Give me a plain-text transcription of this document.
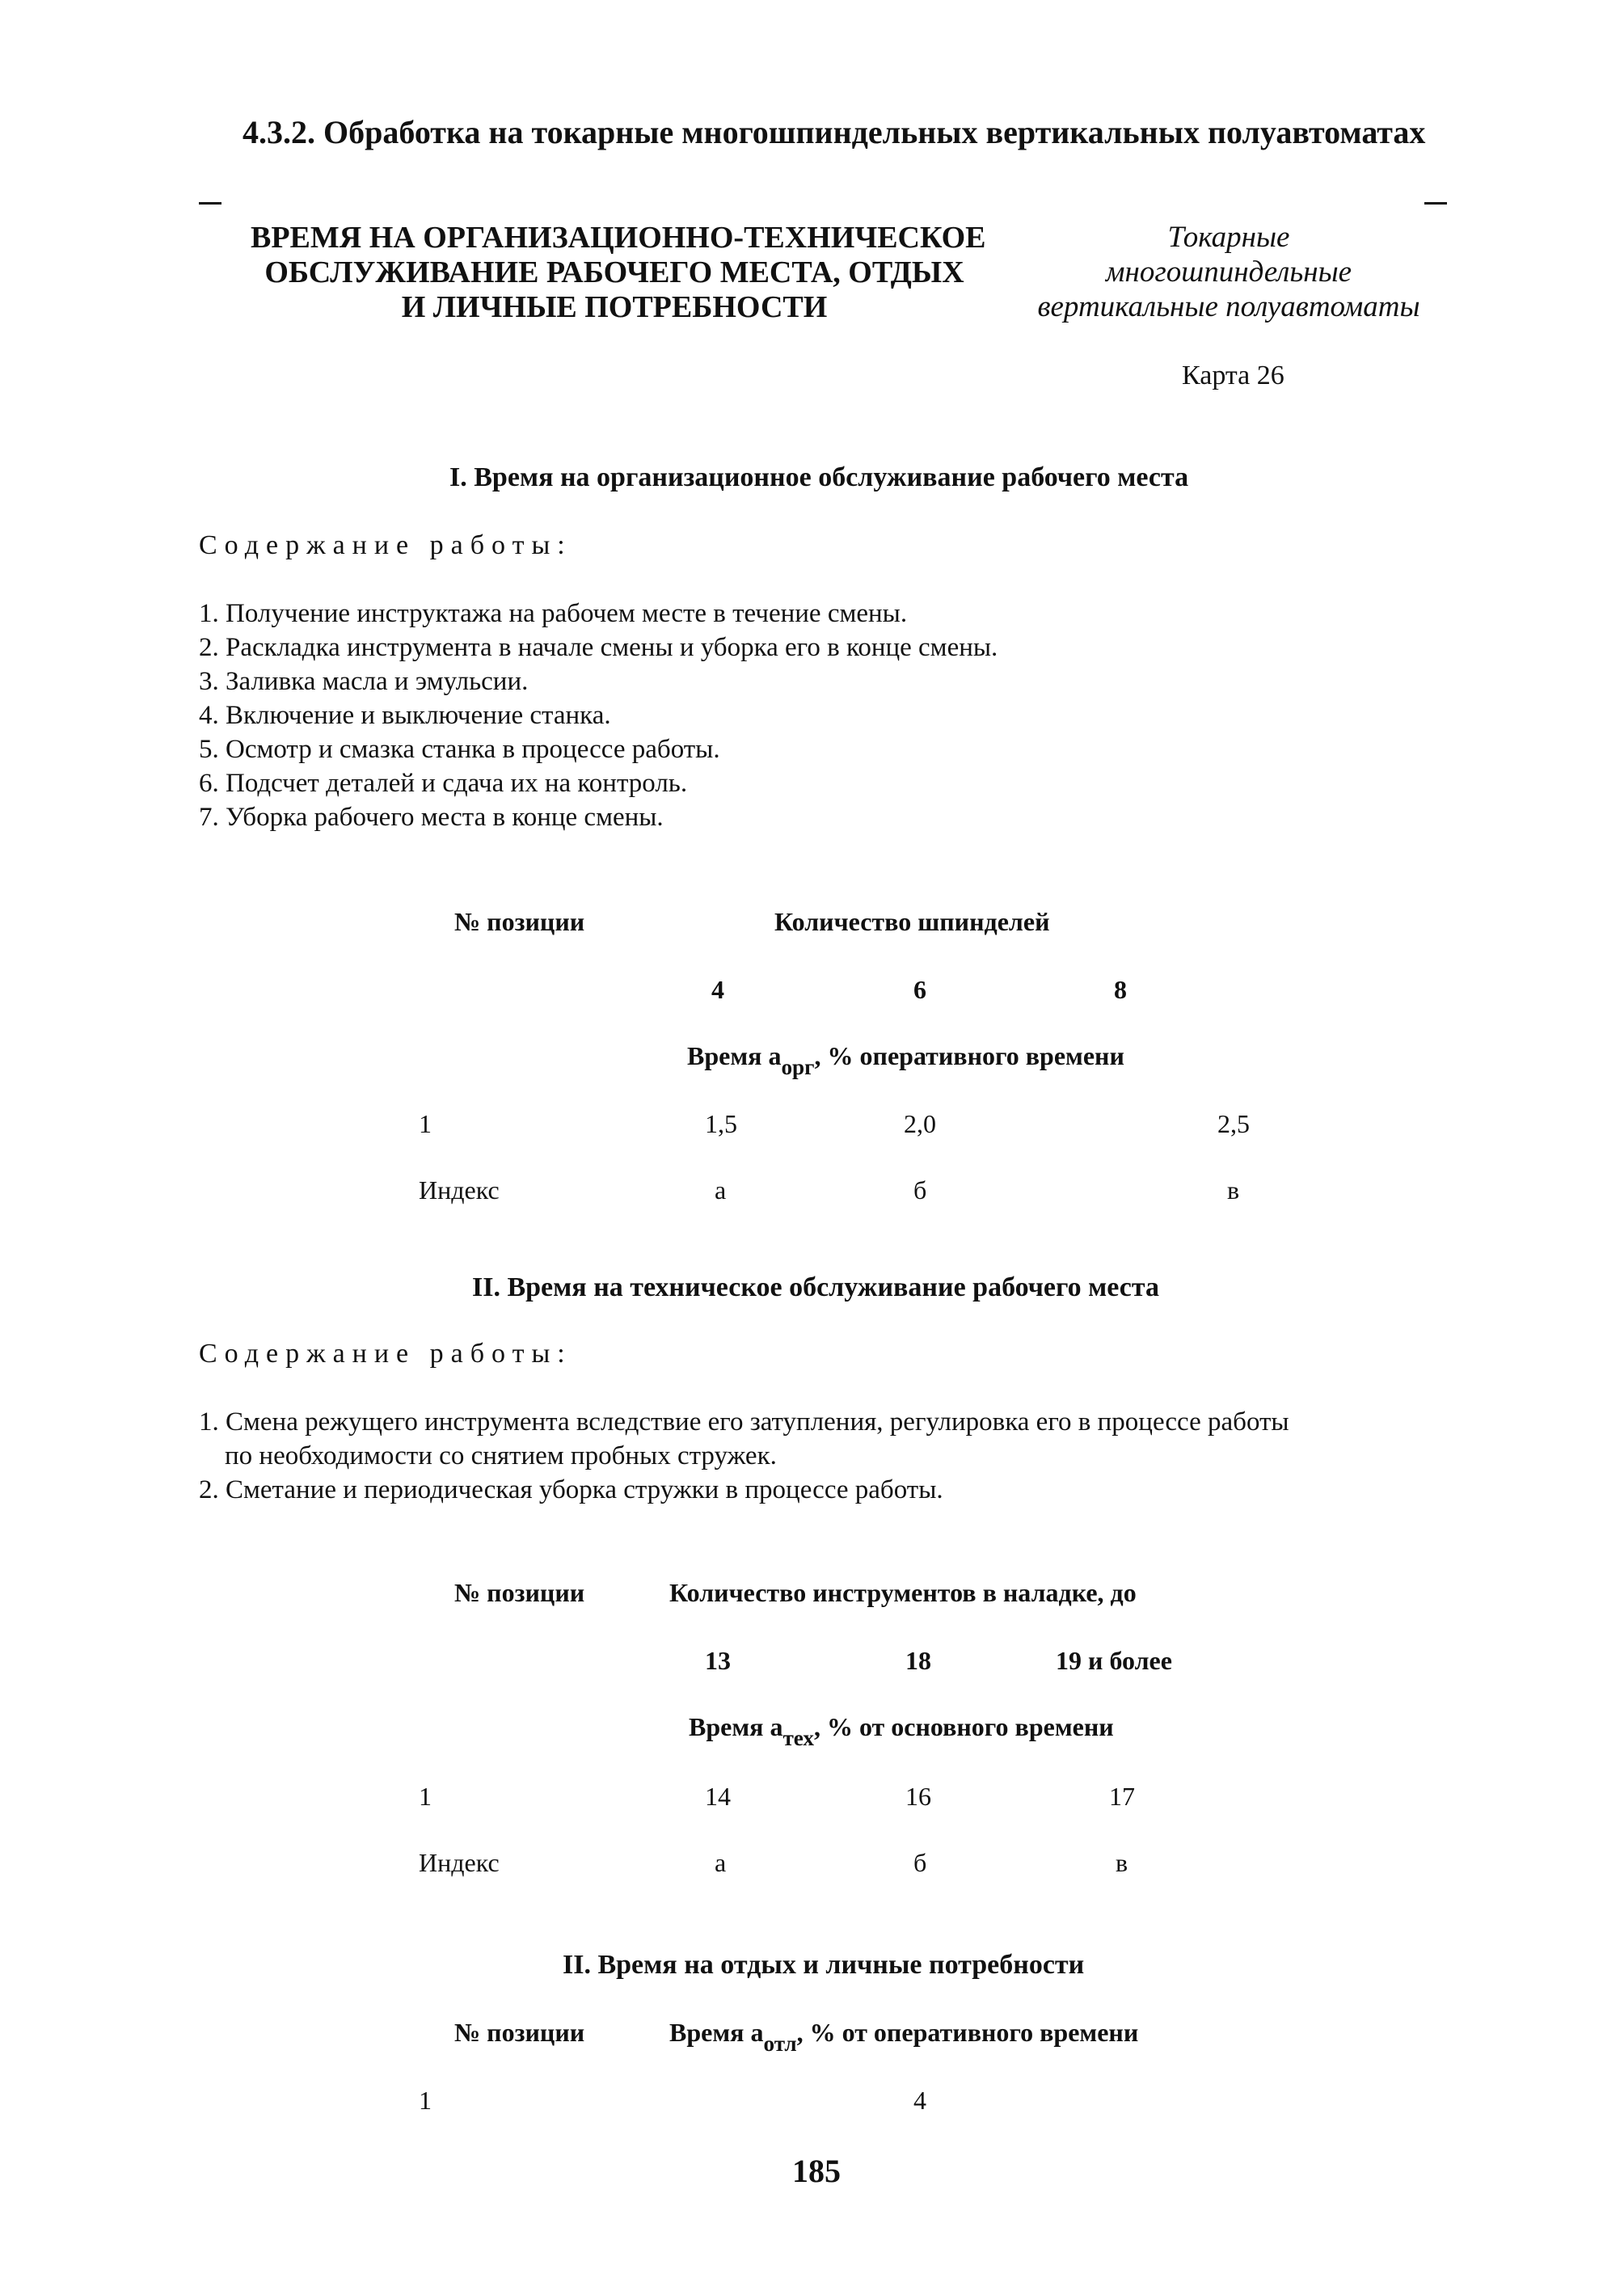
4.3.2. Обработка на токарные многошпиндельных вертикальных полуавтоматах
ВРЕМЯ НА ОРГАНИЗАЦИОННО-ТЕХНИЧЕСКОЕ
ОБСЛУЖИВАНИЕ РАБОЧЕГО МЕСТА, ОТДЫХ
И ЛИЧНЫЕ ПОТРЕБНОСТИ
Токарные
многошпиндельные
вертикальные полуавтоматы
Карта 26
I. Время на организационное обслуживание рабочего места
Содержание работы:
1. Получение инструктажа на рабочем месте в течение смены.
2. Раскладка инструмента в начале смены и уборка его в конце смены.
3. Заливка масла и эмульсии.
4. Включение и выключение станка.
5. Осмотр и смазка станка в процессе работы.
6. Подсчет деталей и сдача их на контроль.
7. Уборка рабочего места в конце смены.
№ позиции	Количество шпинделей
4	6	8
Время $a_{орг}$, % оперативного времени
1	1,5	2,0	2,5
Индекс	а	б	в
II. Время на техническое обслуживание рабочего места
Содержание работы:
1. Смена режущего инструмента вследствие его затупления, регулировка его в процессе работы
по необходимости со снятием пробных стружек.
2. Сметание и периодическая уборка стружки в процессе работы.
№ позиции	Количество инструментов в наладке, до
13	18	19 и более
Время $a_{тех}$, % от основного времени
1	14	16	17
Индекс	а	б	в
II. Время на отдых и личные потребности
№ позиции	Время $a_{отл}$, % от оперативного времени
1	4
185
